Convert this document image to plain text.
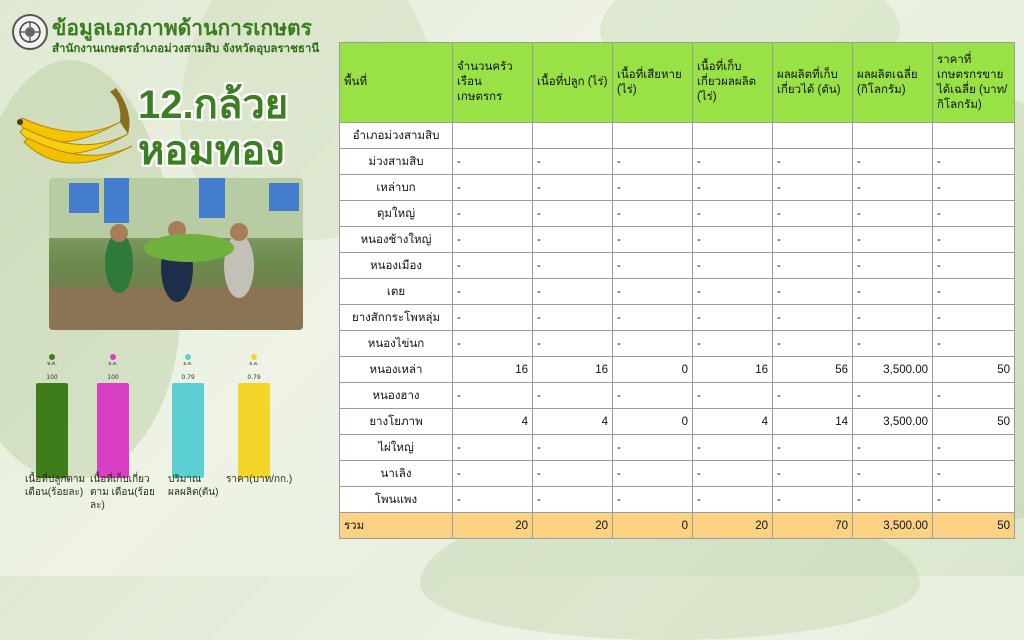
ข้อมูลเอกภาพด้านการเกษตร
สำนักงานเกษตรอำเภอม่วงสามสิบ จังหวัดอุบลราชธานี
12.กล้วย
หอมทอง
พ.ศ.
100
เนื้อที่ปลูกตาม เดือน(ร้อยละ)
ธ.ค.
100
เนื้อที่เก็บเกี่ยวตาม เดือน(ร้อยละ)
ธ.ค.
0.79
ปริมาณ ผลผลิต(ตัน)
ธ.ค.
0.79
ราคา(บาท/กก.)
พื้นที่	จำนวนครัวเรือน เกษตรกร	เนื้อที่ปลูก (ไร่)	เนื้อที่เสียหาย (ไร่)	เนื้อที่เก็บ เกี่ยวผลผลิต (ไร่)	ผลผลิตที่เก็บ เกี่ยวได้ (ตัน)	ผลผลิตเฉลี่ย (กิโลกรัม)	ราคาที่ เกษตรกรขาย ได้เฉลี่ย (บาท/ กิโลกรัม)
อำเภอม่วงสามสิบ							
ม่วงสามสิบ	-	-	-	-	-	-	-
เหล่าบก	-	-	-	-	-	-	-
ดุมใหญ่	-	-	-	-	-	-	-
หนองช้างใหญ่	-	-	-	-	-	-	-
หนองเมือง	-	-	-	-	-	-	-
เตย	-	-	-	-	-	-	-
ยางสักกระโพหลุ่ม	-	-	-	-	-	-	-
หนองไข่นก	-	-	-	-	-	-	-
หนองเหล่า	16	16	0	16	56	3,500.00	50
หนองฮาง	-	-	-	-	-	-	-
ยางโยภาพ	4	4	0	4	14	3,500.00	50
ไผ่ใหญ่	-	-	-	-	-	-	-
นาเลิง	-	-	-	-	-	-	-
โพนแพง	-	-	-	-	-	-	-
รวม	20	20	0	20	70	3,500.00	50
